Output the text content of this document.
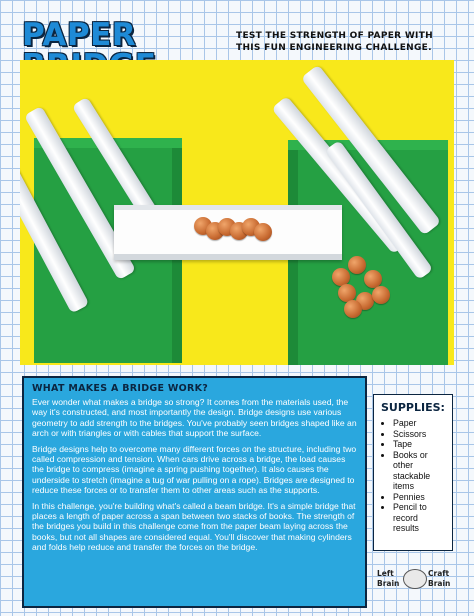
PAPER	TEST THE STRENGTH OF PAPER WITH THIS FUN ENGINEERING CHALLENGE.
WHAT MAKES A BRIDGE WORK?

Ever wonder what makes a bridge so strong? It comes from the materials used, the way it's constructed, and most importantly the design. Bridge designs use various geometry to add strength to the bridges. You've probably seen bridges shaped like an arch or with triangles or with cables that support the surface.

Bridge designs help to overcome many different forces on the structure, including two called compression and tension. When cars drive across a bridge, the load causes the bridge to compress (imagine a spring pushing together). It also causes the underside to stretch (imagine a tug of war pulling on a rope). Bridges are designed to reduce these forces or to transfer them to other areas such as the supports.

In this challenge, you're building what's called a beam bridge. It's a simple bridge that places a length of paper across a span between two stacks of books. The strength of the bridges you build in this challenge come from the paper beam laying across the books, but not all shapes are considered equal. You'll discover that making cylinders and folds help reduce and transfer the forces on the bridge.

SUPPLIES:
• Paper
• Scissors
• Tape
• Books or other stackable items
• Pennies
• Pencil to record results
Left
Brain
Craft
Brain
